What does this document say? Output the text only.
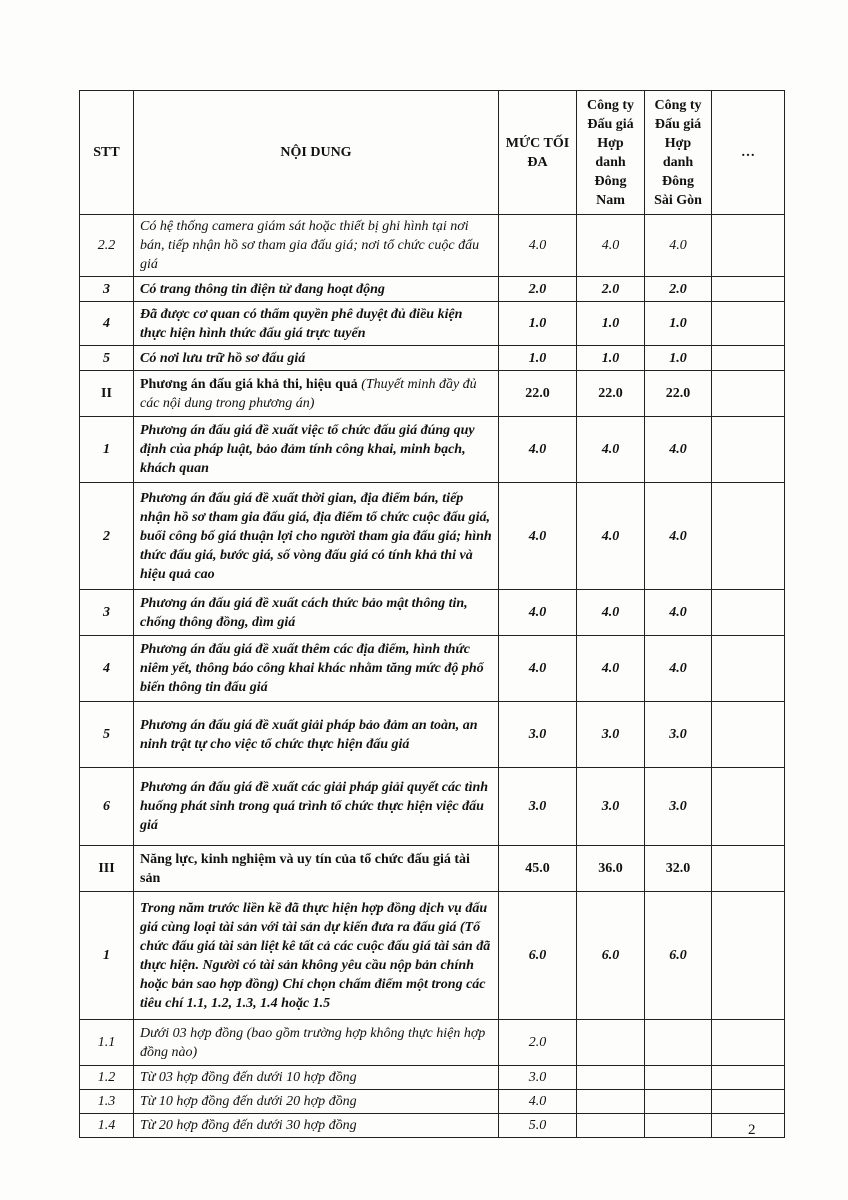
STT	NỘI DUNG	MỨC TỐI ĐA	Công ty Đấu giá Hợp danh Đông Nam	Công ty Đấu giá Hợp danh Đông Sài Gòn	…
2.2	Có hệ thống camera giám sát hoặc thiết bị ghi hình tại nơi bán, tiếp nhận hồ sơ tham gia đấu giá; nơi tổ chức cuộc đấu giá	4.0	4.0	4.0	
3	Có trang thông tin điện tử đang hoạt động	2.0	2.0	2.0	
4	Đã được cơ quan có thẩm quyền phê duyệt đủ điều kiện thực hiện hình thức đấu giá trực tuyến	1.0	1.0	1.0	
5	Có nơi lưu trữ hồ sơ đấu giá	1.0	1.0	1.0	
II	Phương án đấu giá khả thi, hiệu quả (Thuyết minh đầy đủ các nội dung trong phương án)	22.0	22.0	22.0	
1	Phương án đấu giá đề xuất việc tổ chức đấu giá đúng quy định của pháp luật, bảo đảm tính công khai, minh bạch, khách quan	4.0	4.0	4.0	
2	Phương án đấu giá đề xuất thời gian, địa điểm bán, tiếp nhận hồ sơ tham gia đấu giá, địa điểm tổ chức cuộc đấu giá, buổi công bố giá thuận lợi cho người tham gia đấu giá; hình thức đấu giá, bước giá, số vòng đấu giá có tính khả thi và hiệu quả cao	4.0	4.0	4.0	
3	Phương án đấu giá đề xuất cách thức bảo mật thông tin, chống thông đồng, dìm giá	4.0	4.0	4.0	
4	Phương án đấu giá đề xuất thêm các địa điểm, hình thức niêm yết, thông báo công khai khác nhằm tăng mức độ phổ biến thông tin đấu giá	4.0	4.0	4.0	
5	Phương án đấu giá đề xuất giải pháp bảo đảm an toàn, an ninh trật tự cho việc tổ chức thực hiện đấu giá	3.0	3.0	3.0	
6	Phương án đấu giá đề xuất các giải pháp giải quyết các tình huống phát sinh trong quá trình tổ chức thực hiện việc đấu giá	3.0	3.0	3.0	
III	Năng lực, kinh nghiệm và uy tín của tổ chức đấu giá tài sản	45.0	36.0	32.0	
1	Trong năm trước liền kề đã thực hiện hợp đồng dịch vụ đấu giá cùng loại tài sản với tài sản dự kiến đưa ra đấu giá (Tổ chức đấu giá tài sản liệt kê tất cả các cuộc đấu giá tài sản đã thực hiện. Người có tài sản không yêu cầu nộp bản chính hoặc bản sao hợp đồng) Chỉ chọn chấm điểm một trong các tiêu chí 1.1, 1.2, 1.3, 1.4 hoặc 1.5	6.0	6.0	6.0	
1.1	Dưới 03 hợp đồng (bao gồm trường hợp không thực hiện hợp đồng nào)	2.0			
1.2	Từ 03 hợp đồng đến dưới 10 hợp đồng	3.0			
1.3	Từ 10 hợp đồng đến dưới 20 hợp đồng	4.0			
1.4	Từ 20 hợp đồng đến dưới 30 hợp đồng	5.0				2
